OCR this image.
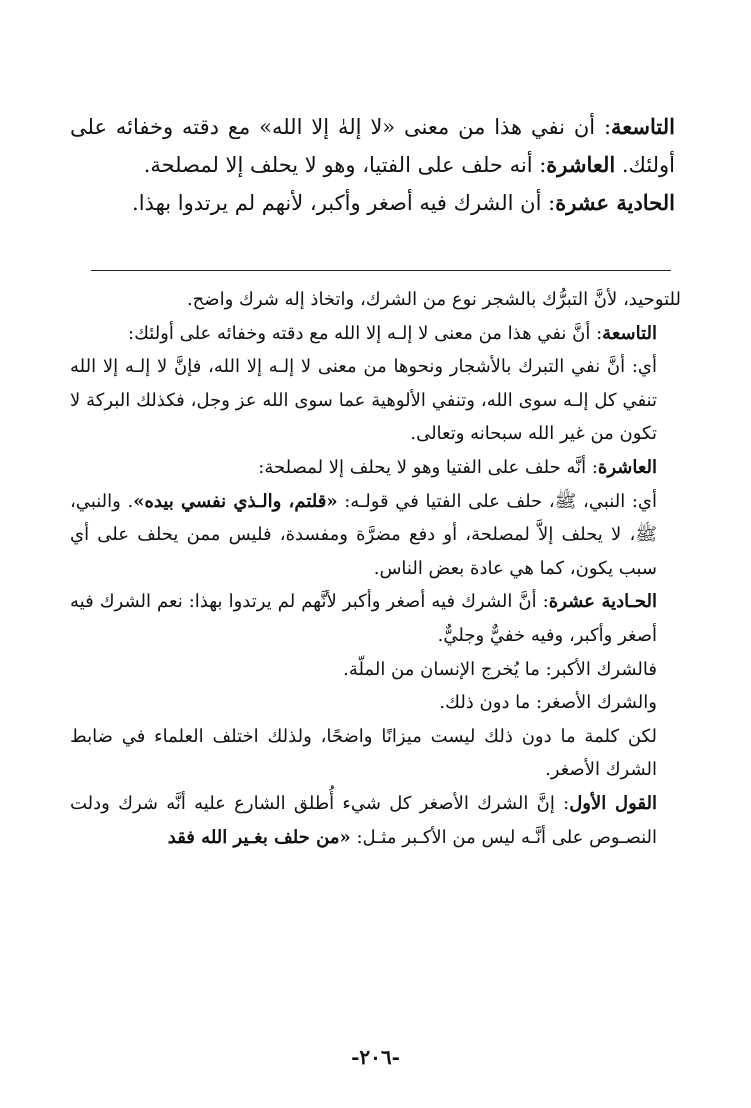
التاسعة: أن نفي هذا من معنى «لا إلهٰ إلا الله» مع دقته وخفائه على أولئك. العاشرة: أنه حلف على الفتيا، وهو لا يحلف إلا لمصلحة.

الحادية عشرة: أن الشرك فيه أصغر وأكبر، لأنهم لم يرتدوا بهذا.

للتوحيد، لأنَّ التبرُّك بالشجر نوع من الشرك، واتخاذ إله شرك واضح.

التاسعة: أنَّ نفي هذا من معنى لا إلـه إلا الله مع دقته وخفائه على أولئك:

أي: أنَّ نفي التبرك بالأشجار ونحوها من معنى لا إلـه إلا الله، فإنَّ لا إلـه إلا الله تنفي كل إلـه سوى الله، وتنفي الألوهية عما سوى الله عز وجل، فكذلك البركة لا تكون من غير الله سبحانه وتعالى.

العاشرة: أنَّه حلف على الفتيا وهو لا يحلف إلا لمصلحة:

أي: النبي، ﷺ، حلف على الفتيا في قولـه: «قلتم، والـذي نفسي بيده». والنبي، ﷺ، لا يحلف إلاَّ لمصلحة، أو دفع مضرَّة ومفسدة، فليس ممن يحلف على أي سبب يكون، كما هي عادة بعض الناس.

الحـادية عشرة: أنَّ الشرك فيه أصغر وأكبر لأنَّهم لم يرتدوا بهذا: نعم الشرك فيه أصغر وأكبر، وفيه خفيٌّ وجليٌّ.

فالشرك الأكبر: ما يُخرج الإنسان من الملّة.

والشرك الأصغر: ما دون ذلك.

لكن كلمة ما دون ذلك ليست ميزانًا واضحًا، ولذلك اختلف العلماء في ضابط الشرك الأصغر.

القول الأول: إنَّ الشرك الأصغر كل شيء أُطلق الشارع عليه أنَّه شرك ودلت النصـوص على أنَّـه ليس من الأكـبر مثـل: «من حلف بغـير الله فقد

-٢٠٦-
